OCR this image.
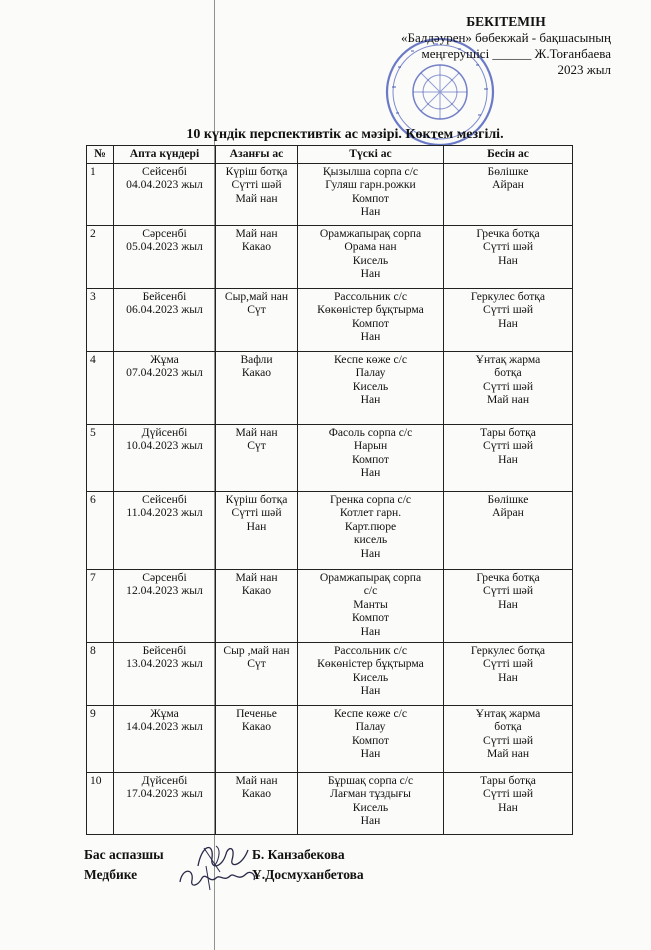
БЕКІТЕМІН
«Балдәурен» бөбекжай - бақшасының
меңгерушісі ______ Ж.Тоғанбаева
2023 жыл
10 күндік перспективтік ас мәзірі. Көктем мезгілі.
№	Апта күндері	Азанғы ас	Түскі ас	Бесін ас
1	Сейсенбі
04.04.2023 жыл	Күріш ботқа
Сүтті шәй
Май нан	Қызылша сорпа с/с
Гуляш гарн.рожки
Компот
Нан	Бөлішке
Айран

2	Сәрсенбі
05.04.2023 жыл	Май нан
Какао	Орамжапырақ сорпа
Орама нан
Кисель
Нан	Гречка ботқа
Сүтті шәй
Нан

3	Бейсенбі
06.04.2023 жыл	Сыр,май нан
Сүт	Рассольник с/с
Көкөністер бұқтырма
Компот
Нан	Геркулес ботқа
Сүтті шәй
Нан

4	Жұма
07.04.2023 жыл	Вафли
Какао	Кеспе көже с/с
Палау
Кисель
Нан	Ұнтақ жарма
ботқа
Сүтті шәй
Май нан

5	Дүйсенбі
10.04.2023 жыл	Май нан
Сүт	Фасоль сорпа с/с
Нарын
Компот
Нан	Тары ботқа
Сүтті шәй
Нан

6	Сейсенбі
11.04.2023 жыл	Күріш ботқа
Сүтті шәй
Нан	Гренка сорпа с/с
Котлет гарн.
Карт.пюре
кисель
Нан	Бөлішке
Айран

7	Сәрсенбі
12.04.2023 жыл	Май нан
Какао	Орамжапырақ сорпа
с/с
Манты
Компот
Нан	Гречка ботқа
Сүтті шәй
Нан

8	Бейсенбі
13.04.2023 жыл	Сыр ,май нан
Сүт	Рассольник с/с
Көкөністер бұқтырма
Кисель
Нан	Геркулес ботқа
Сүтті шәй
Нан

9	Жұма
14.04.2023 жыл	Печенье
Какао	Кеспе көже с/с
Палау
Компот
Нан	Ұнтақ жарма
ботқа
Сүтті шәй
Май нан

10	Дүйсенбі
17.04.2023 жыл	Май нан
Какао	Бұршақ сорпа с/с
Лағман тұздығы
Кисель
Нан	Тары ботқа
Сүтті шәй
Нан
Бас аспазшы	Б. Канзабекова
Медбике	Ұ.Досмуханбетова
